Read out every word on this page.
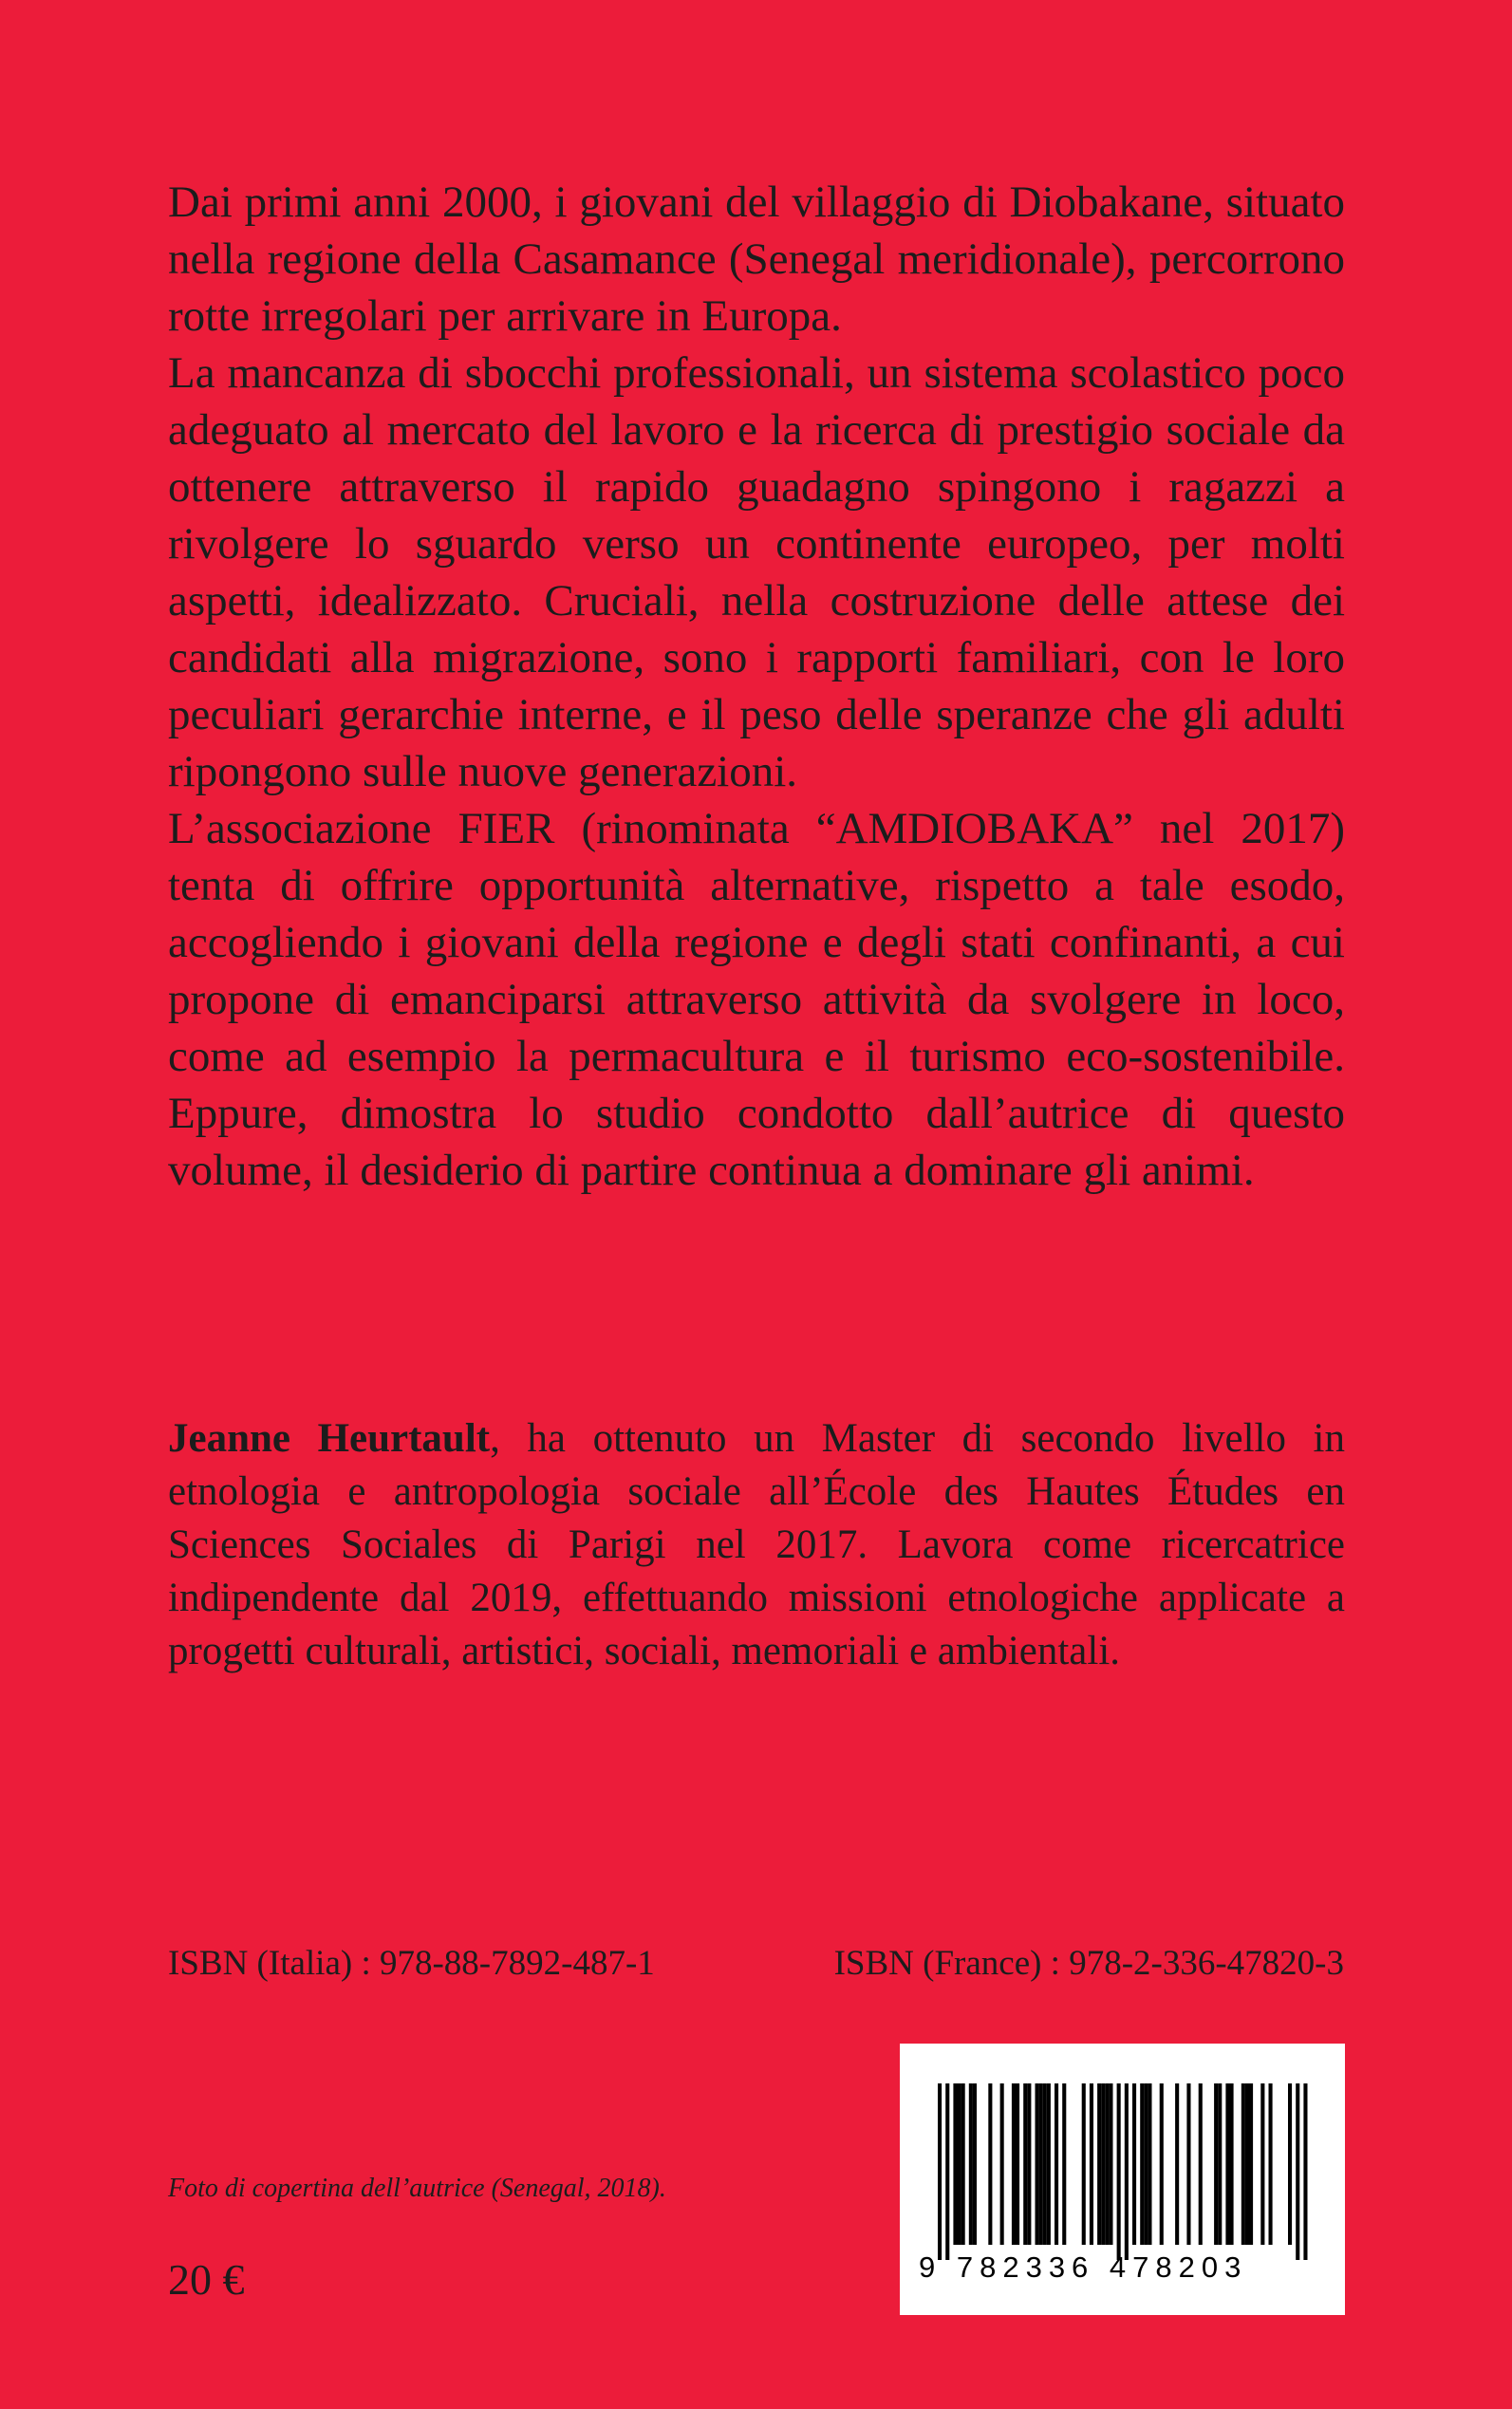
Dai primi anni 2000, i giovani del villaggio di Diobakane, situato nella regione della Casamance (Senegal meridionale), percorrono rotte irregolari per arrivare in Europa.

La mancanza di sbocchi professionali, un sistema scolastico poco adeguato al mercato del lavoro e la ricerca di prestigio sociale da ottenere attraverso il rapido guadagno spingono i ragazzi a rivolgere lo sguardo verso un continente europeo, per molti aspetti, idealizzato. Cruciali, nella costruzione delle attese dei candidati alla migrazione, sono i rapporti familiari, con le loro peculiari gerarchie interne, e il peso delle speranze che gli adulti ripongono sulle nuove generazioni.

L’associazione FIER (rinominata “AMDIOBAKA” nel 2017) tenta di offrire opportunità alternative, rispetto a tale esodo, accogliendo i giovani della regione e degli stati confinanti, a cui propone di emanciparsi attraverso attività da svolgere in loco, come ad esempio la permacultura e il turismo eco-sostenibile. Eppure, dimostra lo studio condotto dall’autrice di questo volume, il desiderio di partire continua a dominare gli animi.

Jeanne Heurtault, ha ottenuto un Master di secondo livello in etnologia e antropologia sociale all’École des Hautes Études en Sciences Sociales di Parigi nel 2017. Lavora come ricercatrice indipendente dal 2019, effettuando missioni etnologiche applicate a progetti culturali, artistici, sociali, memoriali e ambientali.

ISBN (Italia) : 978-88-7892-487-1	ISBN (France) : 978-2-336-47820-3
9 782336 478203
Foto di copertina dell’autrice (Senegal, 2018).
20 €
